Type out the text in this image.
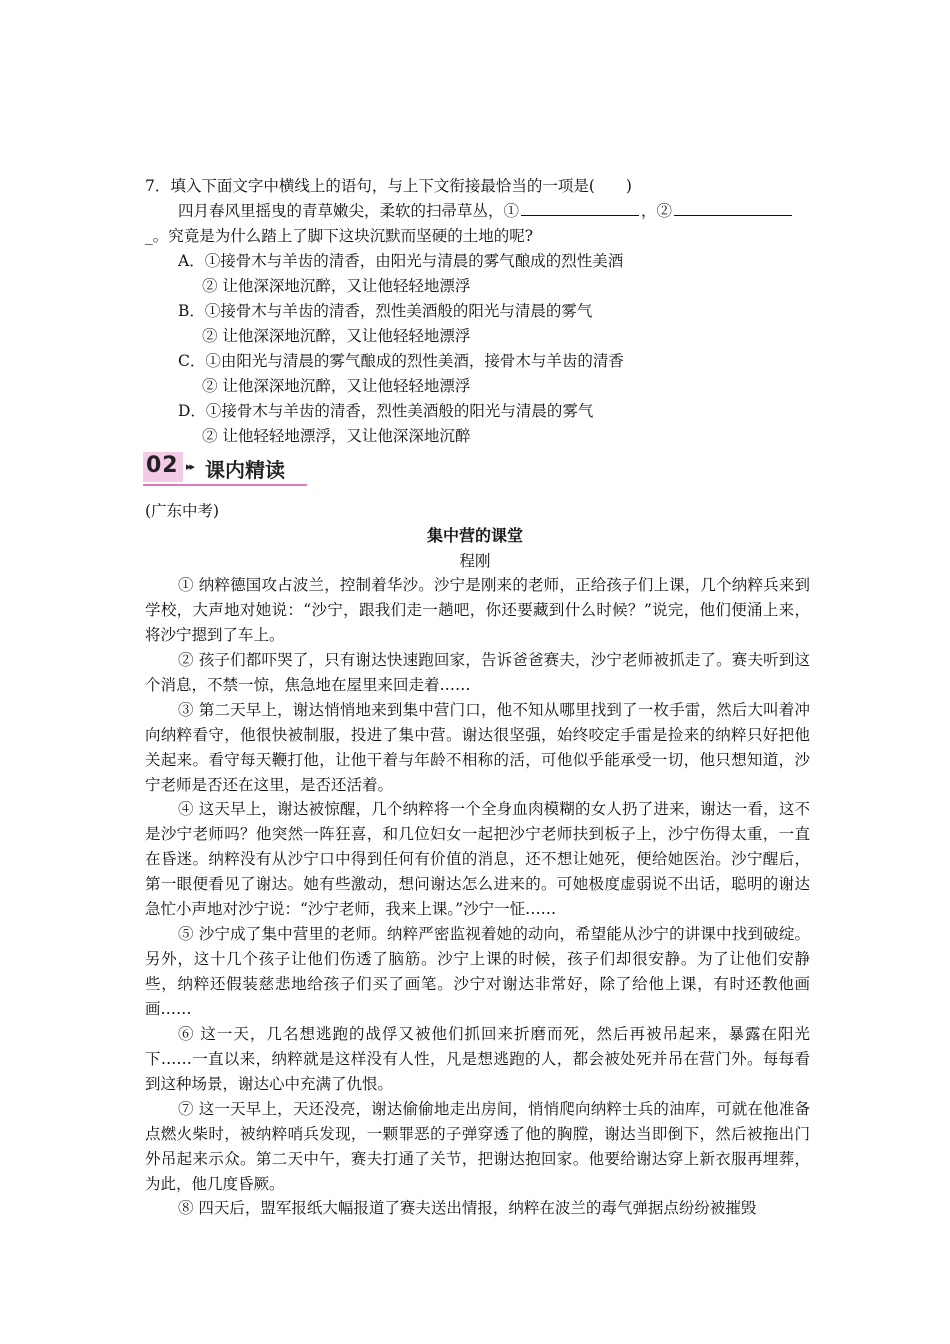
7．填入下面文字中横线上的语句，与上下文衔接最恰当的一项是(　　)
四月春风里摇曳的青草嫩尖，柔软的扫帚草丛，①	，②
_。究竟是为什么踏上了脚下这块沉默而坚硬的土地的呢?
A．①接骨木与羊齿的清香，由阳光与清晨的雾气酿成的烈性美酒
② 让他深深地沉醉，又让他轻轻地漂浮
B．①接骨木与羊齿的清香，烈性美酒般的阳光与清晨的雾气
② 让他深深地沉醉，又让他轻轻地漂浮
C．①由阳光与清晨的雾气酿成的烈性美酒，接骨木与羊齿的清香
② 让他深深地沉醉，又让他轻轻地漂浮
D．①接骨木与羊齿的清香，烈性美酒般的阳光与清晨的雾气
② 让他轻轻地漂浮，又让他深深地沉醉
02 ▸▸ 课内精读
(广东中考)
集中营的课堂
程刚
① 纳粹德国攻占波兰，控制着华沙。沙宁是刚来的老师，正给孩子们上课，几个纳粹兵来到学校，大声地对她说：“沙宁，跟我们走一趟吧，你还要藏到什么时候？”说完，他们便涌上来，将沙宁摁到了车上。
② 孩子们都吓哭了，只有谢达快速跑回家，告诉爸爸赛夫，沙宁老师被抓走了。赛夫听到这个消息，不禁一惊，焦急地在屋里来回走着……
③ 第二天早上，谢达悄悄地来到集中营门口，他不知从哪里找到了一枚手雷，然后大叫着冲向纳粹看守，他很快被制服，投进了集中营。谢达很坚强，始终咬定手雷是捡来的纳粹只好把他关起来。看守每天鞭打他，让他干着与年龄不相称的活，可他似乎能承受一切，他只想知道，沙宁老师是否还在这里，是否还活着。
④ 这天早上，谢达被惊醒，几个纳粹将一个全身血肉模糊的女人扔了进来，谢达一看，这不是沙宁老师吗？他突然一阵狂喜，和几位妇女一起把沙宁老师扶到板子上，沙宁伤得太重，一直在昏迷。纳粹没有从沙宁口中得到任何有价值的消息，还不想让她死，便给她医治。沙宁醒后，第一眼便看见了谢达。她有些激动，想问谢达怎么进来的。可她极度虚弱说不出话，聪明的谢达急忙小声地对沙宁说：“沙宁老师，我来上课。”沙宁一怔……
⑤ 沙宁成了集中营里的老师。纳粹严密监视着她的动向，希望能从沙宁的讲课中找到破绽。另外，这十几个孩子让他们伤透了脑筋。沙宁上课的时候，孩子们却很安静。为了让他们安静些，纳粹还假装慈悲地给孩子们买了画笔。沙宁对谢达非常好，除了给他上课，有时还教他画画……
⑥ 这一天，几名想逃跑的战俘又被他们抓回来折磨而死，然后再被吊起来，暴露在阳光下……一直以来，纳粹就是这样没有人性，凡是想逃跑的人，都会被处死并吊在营门外。每每看到这种场景，谢达心中充满了仇恨。
⑦ 这一天早上，天还没亮，谢达偷偷地走出房间，悄悄爬向纳粹士兵的油库，可就在他准备点燃火柴时，被纳粹哨兵发现，一颗罪恶的子弹穿透了他的胸膛，谢达当即倒下，然后被拖出门外吊起来示众。第二天中午，赛夫打通了关节，把谢达抱回家。他要给谢达穿上新衣服再埋葬，为此，他几度昏厥。
⑧ 四天后，盟军报纸大幅报道了赛夫送出情报，纳粹在波兰的毒气弹据点纷纷被摧毁
